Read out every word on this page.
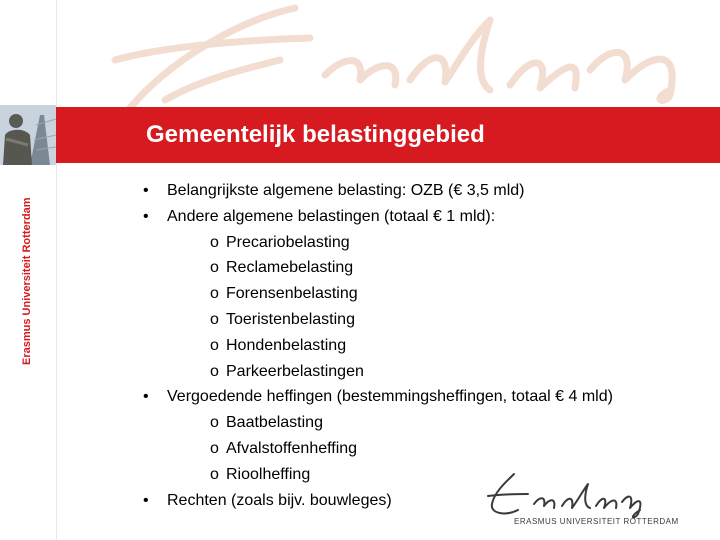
Erasmus Universiteit Rotterdam
Gemeentelijk belastinggebied
• Belangrijkste algemene belasting: OZB (€ 3,5 mld)
• Andere algemene belastingen (totaal € 1 mld):
o Precariobelasting
o Reclamebelasting
o Forensenbelasting
o Toeristenbelasting
o Hondenbelasting
o Parkeerbelastingen
• Vergoedende heffingen (bestemmingsheffingen, totaal € 4 mld)
o Baatbelasting
o Afvalstoffenheffing
o Rioolheffing
• Rechten (zoals bijv. bouwleges)
ERASMUS UNIVERSITEIT ROTTERDAM
